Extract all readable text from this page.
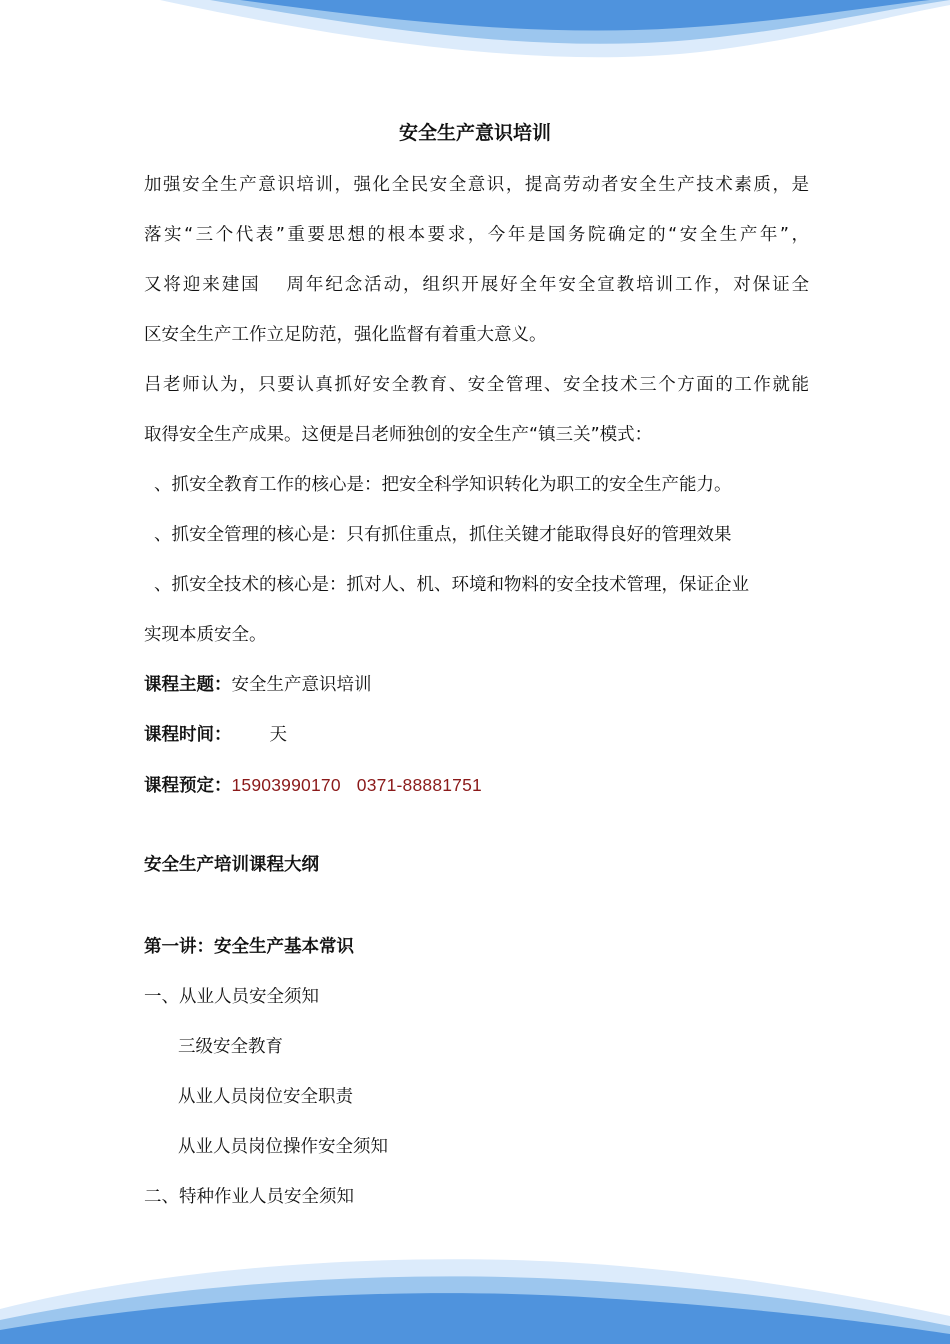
安全生产意识培训
加强安全生产意识培训，强化全民安全意识，提高劳动者安全生产技术素质，是
落实“三个代表”重要思想的根本要求，今年是国务院确定的“安全生产年”，
又将迎来建国 周年纪念活动，组织开展好全年安全宣教培训工作，对保证全
区安全生产工作立足防范，强化监督有着重大意义。
吕老师认为，只要认真抓好安全教育、安全管理、安全技术三个方面的工作就能
取得安全生产成果。这便是吕老师独创的安全生产“镇三关”模式：
、抓安全教育工作的核心是：把安全科学知识转化为职工的安全生产能力。
、抓安全管理的核心是：只有抓住重点，抓住关键才能取得良好的管理效果
、抓安全技术的核心是：抓对人、机、环境和物料的安全技术管理，保证企业
实现本质安全。
课程主题：安全生产意识培训
课程时间： 天
课程预定：15903990170 0371-88881751
安全生产培训课程大纲
第一讲：安全生产基本常识
一、从业人员安全须知
三级安全教育
从业人员岗位安全职责
从业人员岗位操作安全须知
二、特种作业人员安全须知
